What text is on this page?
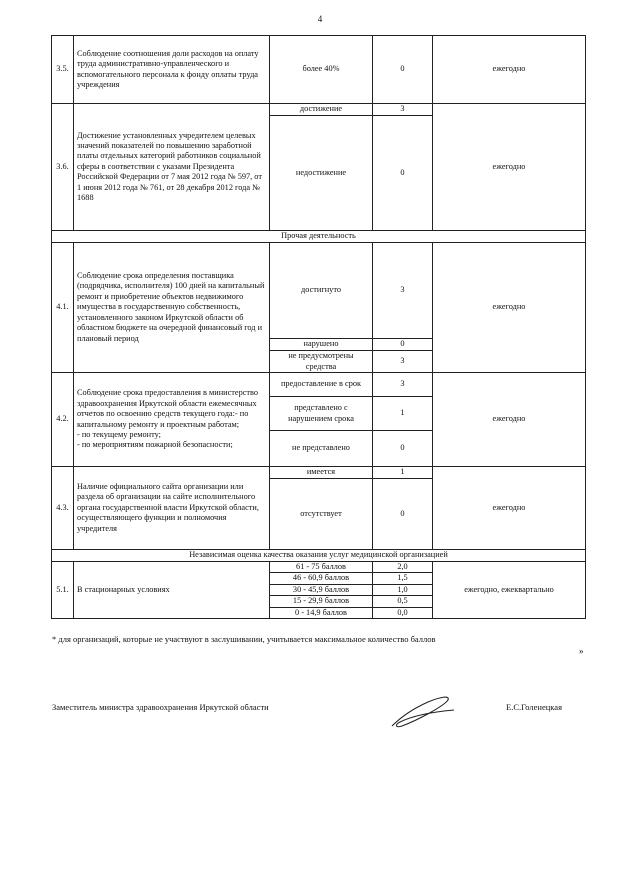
4
3.5.	Соблюдение соотношения доли расходов на оплату труда административно-управленческого и вспомогательного персонала к фонду оплаты труда учреждения	более 40%	0	ежегодно
3.6.	Достижение установленных учредителем целевых значений показателей по повышению заработной платы отдельных категорий работников социальной сферы в соответствии с указами Президента Российской Федерации от 7 мая 2012 года № 597, от 1 июня 2012 года № 761, от 28 декабря 2012 года № 1688	достижение	3	ежегодно
		недостижение	0	
Прочая деятельность				
4.1.	Соблюдение срока определения поставщика (подрядчика, исполнителя) 100 дней на капитальный ремонт и приобретение объектов недвижимого имущества в государственную собственность, установленного законом Иркутской области об областном бюджете на очередной финансовый год и плановый период	достигнуто	3	ежегодно
		нарушено	0	
		не предусмотрены средства	3	
4.2.	Соблюдение срока предоставления в министерство здравоохранения Иркутской области ежемесячных отчетов по освоению средств текущего года:- по капитальному ремонту и проектным работам;
- по текущему ремонту;
- по мероприятиям пожарной безопасности;	предоставление в срок	3	ежегодно
		представлено с нарушением срока	1	
		не представлено	0	
4.3.	Наличие официального сайта организации или раздела об организации на сайте исполнительного органа государственной власти Иркутской области, осуществляющего функции и полномочия учредителя	имеется	1	ежегодно
		отсутствует	0	
Независимая оценка качества оказания услуг медицинской организацией				
5.1.	В стационарных условиях	61 - 75 баллов	2,0	ежегодно, ежеквартально
		46 - 60,9 баллов	1,5	
		30 - 45,9 баллов	1,0	
		15 - 29,9 баллов	0,5	
		0 - 14,9 баллов	0,0	
* для организаций, которые не участвуют в заслушивании, учитывается максимальное количество баллов
»
Заместитель министра здравоохранения Иркутской области	Е.С.Голенецкая
